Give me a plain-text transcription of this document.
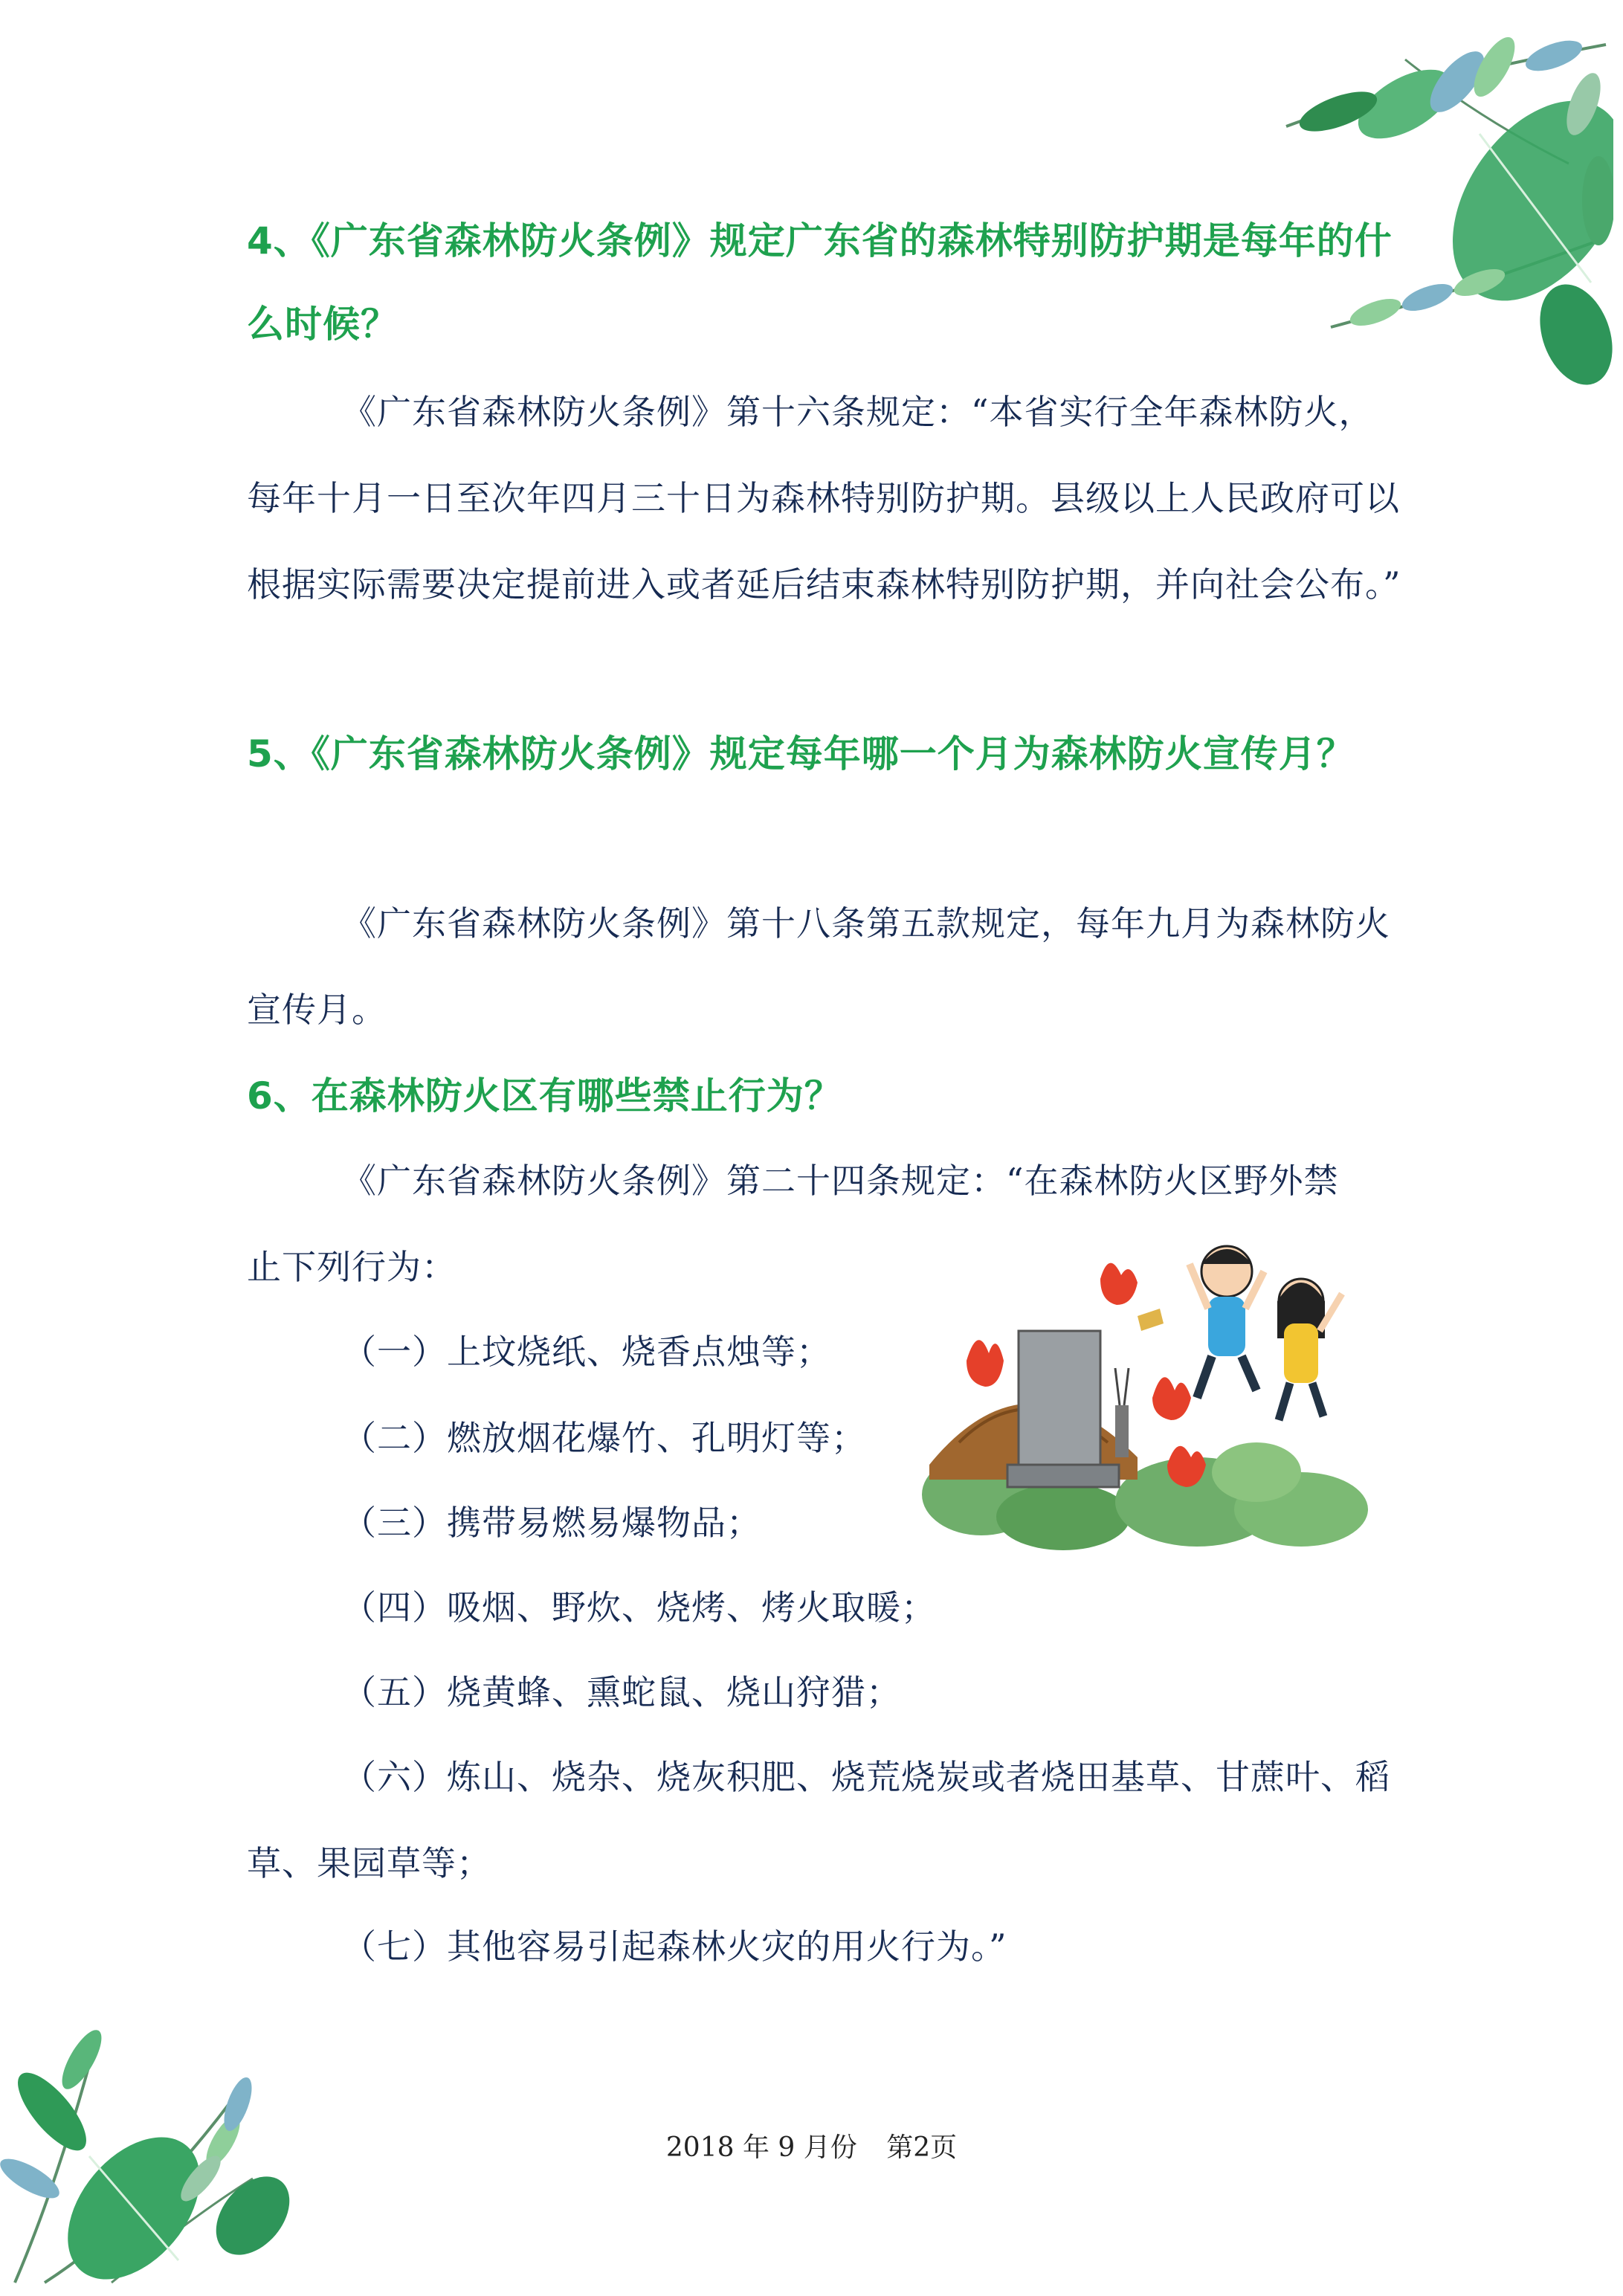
4、《广东省森林防火条例》规定广东省的森林特别防护期是每年的什么时候？

《广东省森林防火条例》第十六条规定：“本省实行全年森林防火，每年十月一日至次年四月三十日为森林特别防护期。县级以上人民政府可以根据实际需要决定提前进入或者延后结束森林特别防护期，并向社会公布。”

5、《广东省森林防火条例》规定每年哪一个月为森林防火宣传月？

《广东省森林防火条例》第十八条第五款规定，每年九月为森林防火宣传月。

6、在森林防火区有哪些禁止行为？

《广东省森林防火条例》第二十四条规定：“在森林防火区野外禁止下列行为：

（一）上坟烧纸、烧香点烛等；

（二）燃放烟花爆竹、孔明灯等；

（三）携带易燃易爆物品；

（四）吸烟、野炊、烧烤、烤火取暖；

（五）烧黄蜂、熏蛇鼠、烧山狩猎；

（六）炼山、烧杂、烧灰积肥、烧荒烧炭或者烧田基草、甘蔗叶、稻草、果园草等；

（七）其他容易引起森林火灾的用火行为。”

2018 年 9 月份 第2页
